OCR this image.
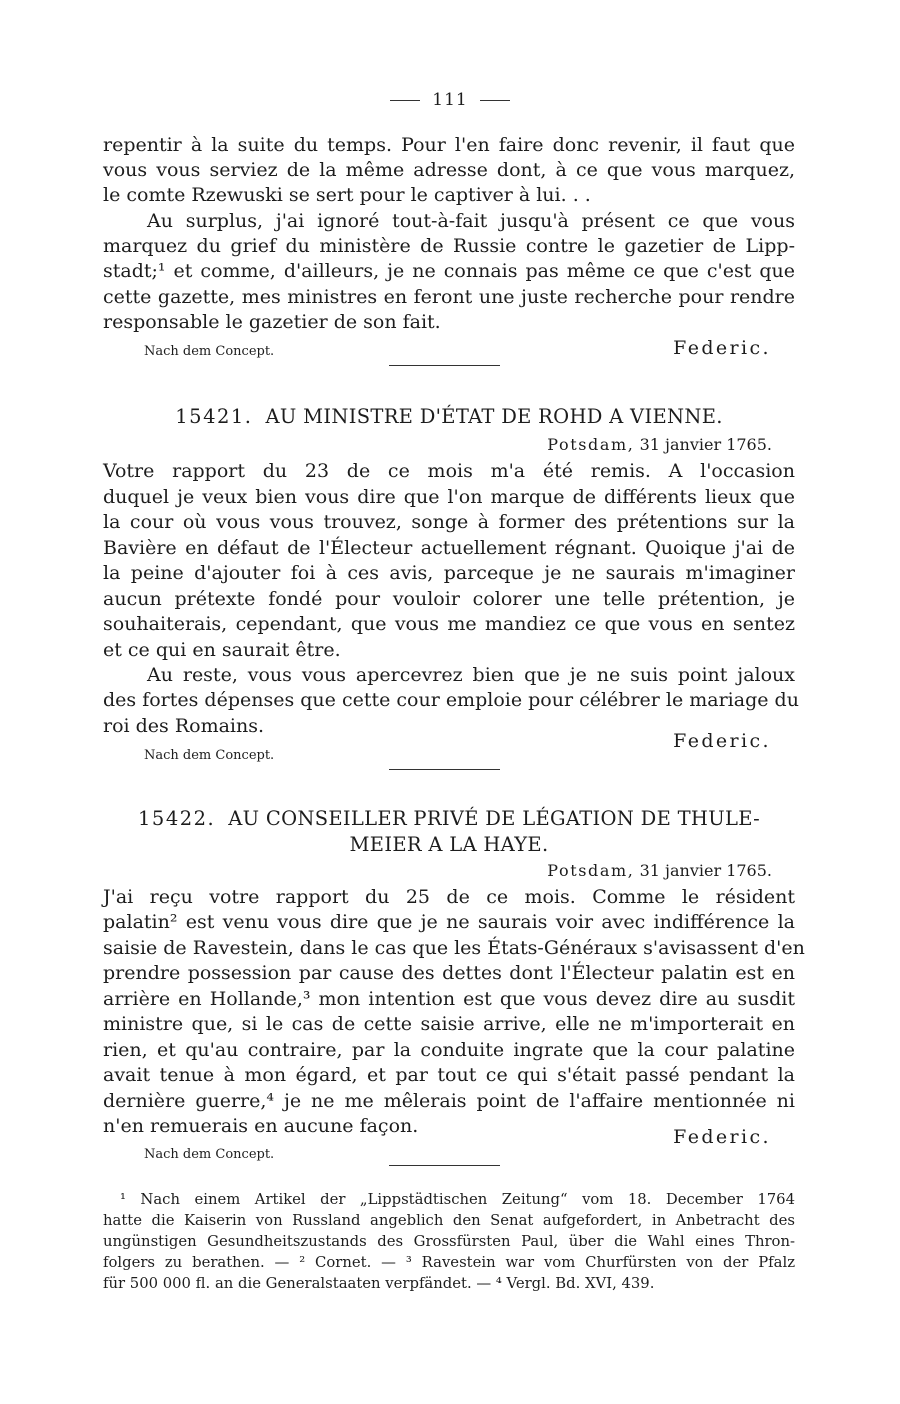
111
repentir à la suite du temps. Pour l'en faire donc revenir, il faut que
vous vous serviez de la même adresse dont, à ce que vous marquez,
le comte Rzewuski se sert pour le captiver à lui. . .
Au surplus, j'ai ignoré tout-à-fait jusqu'à présent ce que vous
marquez du grief du ministère de Russie contre le gazetier de Lipp-
stadt;¹ et comme, d'ailleurs, je ne connais pas même ce que c'est que
cette gazette, mes ministres en feront une juste recherche pour rendre
responsable le gazetier de son fait.
Nach dem Concept.	Federic.
15421. AU MINISTRE D'ÉTAT DE ROHD A VIENNE.
Potsdam, 31 janvier 1765.
Votre rapport du 23 de ce mois m'a été remis. A l'occasion
duquel je veux bien vous dire que l'on marque de différents lieux que
la cour où vous vous trouvez, songe à former des prétentions sur la
Bavière en défaut de l'Électeur actuellement régnant. Quoique j'ai de
la peine d'ajouter foi à ces avis, parceque je ne saurais m'imaginer
aucun prétexte fondé pour vouloir colorer une telle prétention, je
souhaiterais, cependant, que vous me mandiez ce que vous en sentez
et ce qui en saurait être.
Au reste, vous vous apercevrez bien que je ne suis point jaloux
des fortes dépenses que cette cour emploie pour célébrer le mariage du
roi des Romains.
Nach dem Concept.
Federic.
15422. AU CONSEILLER PRIVÉ DE LÉGATION DE THULE-
MEIER A LA HAYE.
Potsdam, 31 janvier 1765.
J'ai reçu votre rapport du 25 de ce mois. Comme le résident
palatin² est venu vous dire que je ne saurais voir avec indifférence la
saisie de Ravestein, dans le cas que les États-Généraux s'avisassent d'en
prendre possession par cause des dettes dont l'Électeur palatin est en
arrière en Hollande,³ mon intention est que vous devez dire au susdit
ministre que, si le cas de cette saisie arrive, elle ne m'importerait en
rien, et qu'au contraire, par la conduite ingrate que la cour palatine
avait tenue à mon égard, et par tout ce qui s'était passé pendant la
dernière guerre,⁴ je ne me mêlerais point de l'affaire mentionnée ni
n'en remuerais en aucune façon.
Nach dem Concept.
Federic.
¹ Nach einem Artikel der „Lippstädtischen Zeitung“ vom 18. December 1764
hatte die Kaiserin von Russland angeblich den Senat aufgefordert, in Anbetracht des
ungünstigen Gesundheitszustands des Grossfürsten Paul, über die Wahl eines Thron-
folgers zu berathen. — ² Cornet. — ³ Ravestein war vom Churfürsten von der Pfalz
für 500 000 fl. an die Generalstaaten verpfändet. — ⁴ Vergl. Bd. XVI, 439.
